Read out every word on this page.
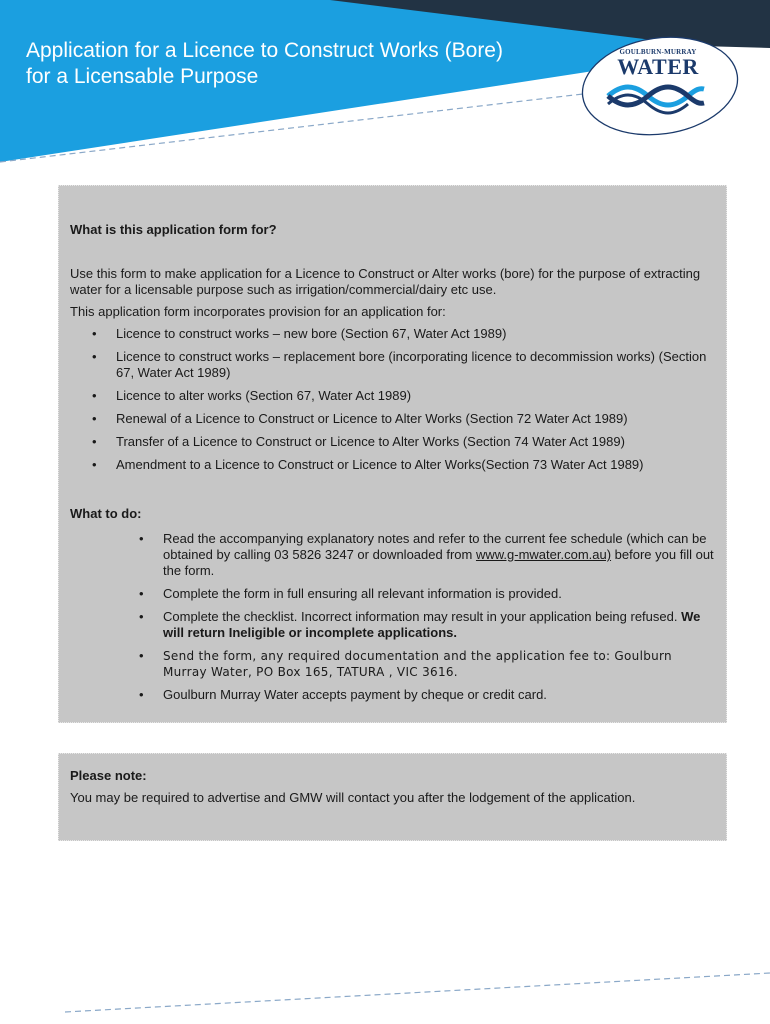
Application for a Licence to Construct Works (Bore)
for a Licensable Purpose
GOULBURN-MURRAY
WATER
What is this application form for?
Use this form to make application for a Licence to Construct or Alter works (bore) for the purpose of extracting water for a licensable purpose such as irrigation/commercial/dairy etc use.
This application form incorporates provision for an application for:
• Licence to construct works – new bore (Section 67, Water Act 1989)
• Licence to construct works – replacement bore (incorporating licence to decommission works) (Section 67, Water Act 1989)
• Licence to alter works (Section 67, Water Act 1989)
• Renewal of a Licence to Construct or Licence to Alter Works (Section 72 Water Act 1989)
• Transfer of a Licence to Construct or Licence to Alter Works (Section 74 Water Act 1989)
• Amendment to a Licence to Construct or Licence to Alter Works(Section 73 Water Act 1989)
What to do:
• Read the accompanying explanatory notes and refer to the current fee schedule (which can be obtained by calling 03 5826 3247 or downloaded from www.g-mwater.com.au) before you fill out the form.
• Complete the form in full ensuring all relevant information is provided.
• Complete the checklist. Incorrect information may result in your application being refused. We will return Ineligible or incomplete applications.
• Send the form, any required documentation and the application fee to: Goulburn Murray Water, PO Box 165, TATURA , VIC 3616.
• Goulburn Murray Water accepts payment by cheque or credit card.
Please note:
You may be required to advertise and GMW will contact you after the lodgement of the application.
